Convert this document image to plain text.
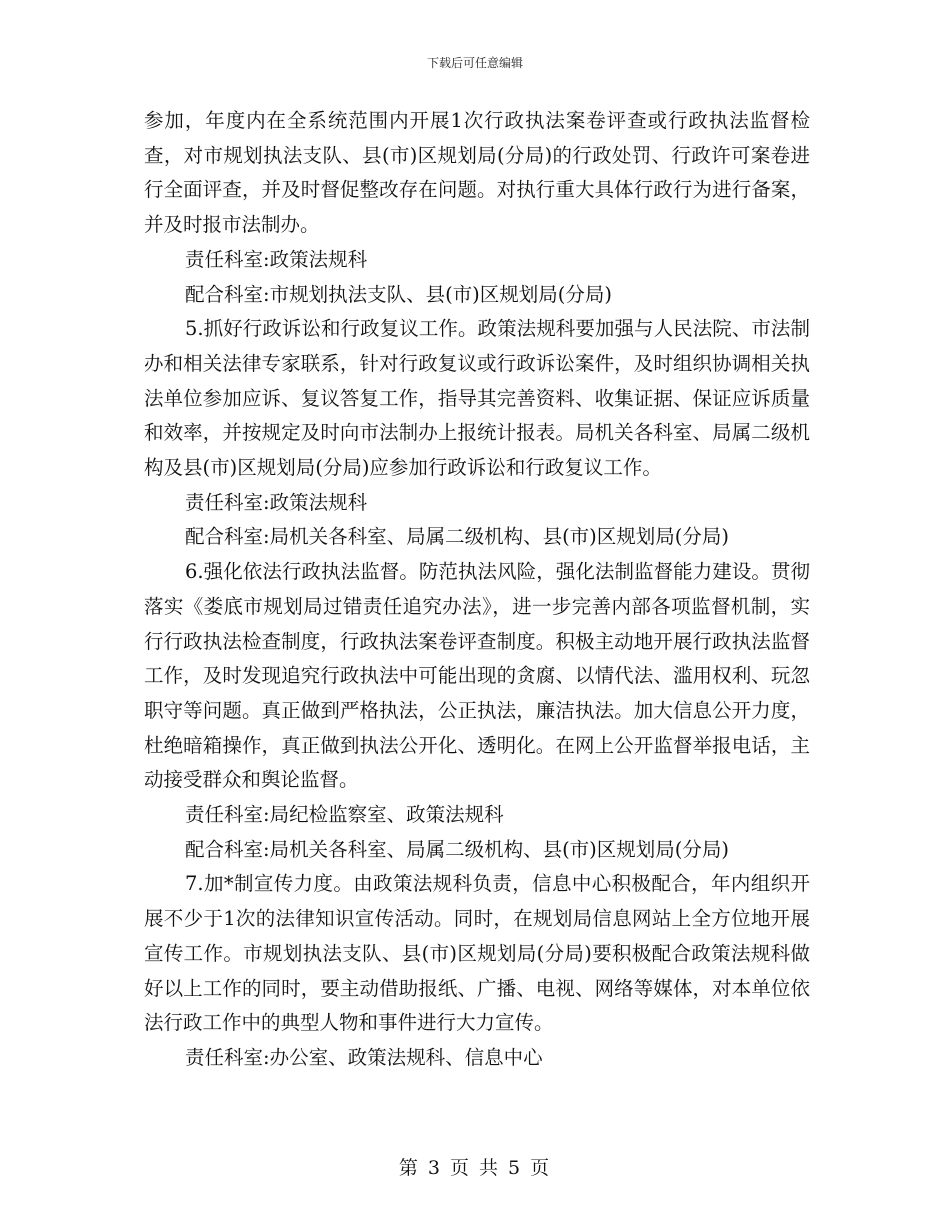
下载后可任意编辑

参加，年度内在全系统范围内开展1次行政执法案卷评查或行政执法监督检查，对市规划执法支队、县(市)区规划局(分局)的行政处罚、行政许可案卷进行全面评查，并及时督促整改存在问题。对执行重大具体行政行为进行备案，并及时报市法制办。

责任科室:政策法规科

配合科室:市规划执法支队、县(市)区规划局(分局)

5.抓好行政诉讼和行政复议工作。政策法规科要加强与人民法院、市法制办和相关法律专家联系，针对行政复议或行政诉讼案件，及时组织协调相关执法单位参加应诉、复议答复工作，指导其完善资料、收集证据、保证应诉质量和效率，并按规定及时向市法制办上报统计报表。局机关各科室、局属二级机构及县(市)区规划局(分局)应参加行政诉讼和行政复议工作。

责任科室:政策法规科

配合科室:局机关各科室、局属二级机构、县(市)区规划局(分局)

6.强化依法行政执法监督。防范执法风险，强化法制监督能力建设。贯彻落实《娄底市规划局过错责任追究办法》，进一步完善内部各项监督机制，实行行政执法检查制度，行政执法案卷评查制度。积极主动地开展行政执法监督工作，及时发现追究行政执法中可能出现的贪腐、以情代法、滥用权利、玩忽职守等问题。真正做到严格执法，公正执法，廉洁执法。加大信息公开力度，杜绝暗箱操作，真正做到执法公开化、透明化。在网上公开监督举报电话，主动接受群众和舆论监督。

责任科室:局纪检监察室、政策法规科

配合科室:局机关各科室、局属二级机构、县(市)区规划局(分局)

7.加*制宣传力度。由政策法规科负责，信息中心积极配合，年内组织开展不少于1次的法律知识宣传活动。同时，在规划局信息网站上全方位地开展宣传工作。市规划执法支队、县(市)区规划局(分局)要积极配合政策法规科做好以上工作的同时，要主动借助报纸、广播、电视、网络等媒体，对本单位依法行政工作中的典型人物和事件进行大力宣传。

责任科室:办公室、政策法规科、信息中心

第 3 页 共 5 页
